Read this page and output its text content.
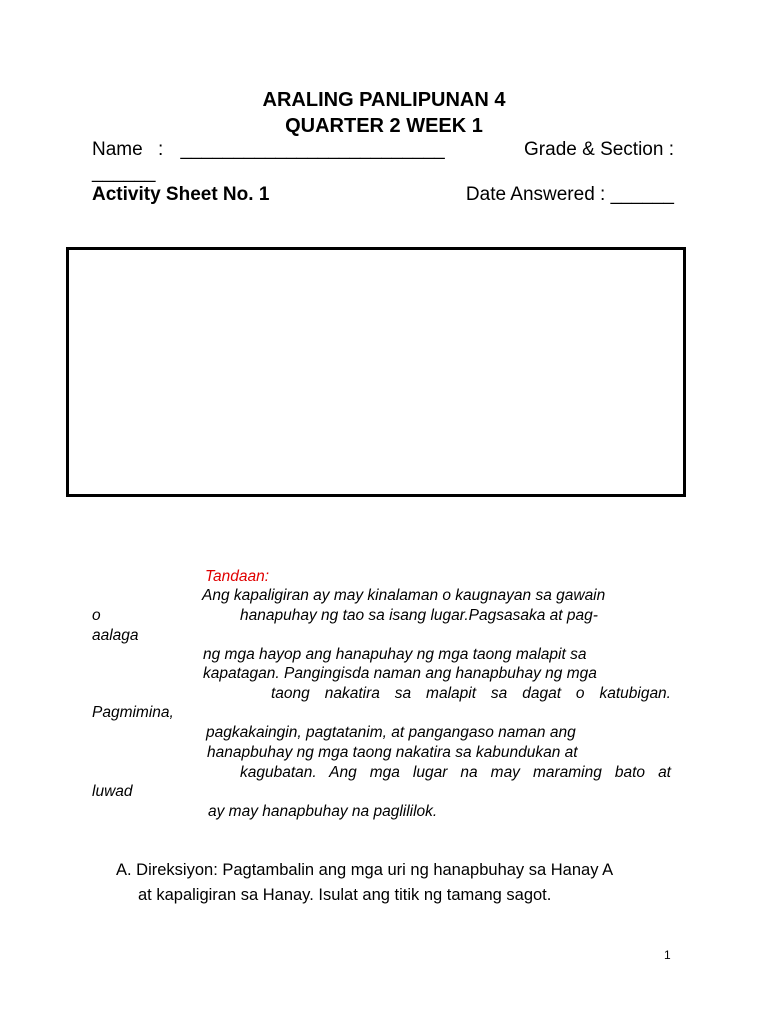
ARALING PANLIPUNAN 4
QUARTER 2 WEEK 1
Name : _________________________	Grade & Section :
______
Activity Sheet No. 1	Date Answered : ______
Tandaan:
Ang kapaligiran ay may kinalaman o kaugnayan sa gawain
o	hanapuhay ng tao sa isang lugar.Pagsasaka at pag-
aalaga
ng mga hayop ang hanapuhay ng mga taong malapit sa
kapatagan. Pangingisda naman ang hanapbuhay ng mga
taong nakatira sa malapit sa dagat o katubigan.
Pagmimina,
pagkakaingin, pagtatanim, at pangangaso naman ang
hanapbuhay ng mga taong nakatira sa kabundukan at
kagubatan. Ang mga lugar na may maraming bato at
luwad
ay may hanapbuhay na paglililok.
A. Direksiyon: Pagtambalin ang mga uri ng hanapbuhay sa Hanay A
at kapaligiran sa Hanay. Isulat ang titik ng tamang sagot.
1
